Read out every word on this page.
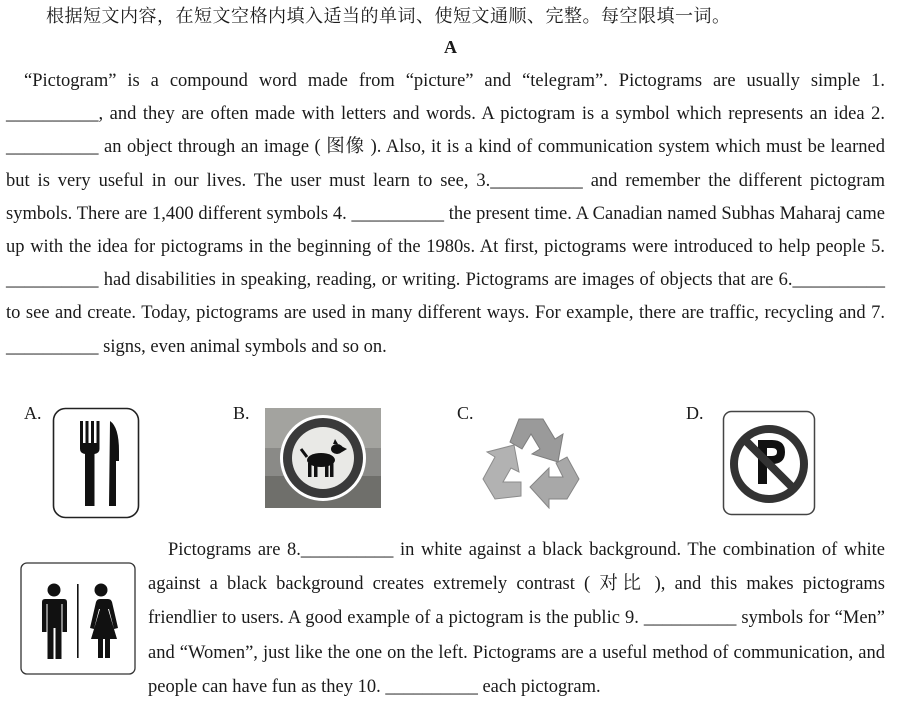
根据短文内容，在短文空格内填入适当的单词、使短文通顺、完整。每空限填一词。
A

“Pictogram” is a compound word made from “picture” and “telegram”. Pictograms are usually simple 1. __________, and they are often made with letters and words. A pictogram is a symbol which represents an idea 2. __________ an object through an image ( 图像 ). Also, it is a kind of communication system which must be learned but is very useful in our lives. The user must learn to see, 3.__________ and remember the different pictogram symbols. There are 1,400 different symbols 4. __________ the present time. A Canadian named Subhas Maharaj came up with the idea for pictograms in the beginning of the 1980s. At first, pictograms were introduced to help people 5. __________ had disabilities in speaking, reading, or writing. Pictograms are images of objects that are 6.__________ to see and create. Today, pictograms are used in many different ways. For example, there are traffic, recycling and 7. __________ signs, even animal symbols and so on.

A.	B.	C.	D.

Pictograms are 8.__________ in white against a black background. The combination of white against a black background creates extremely contrast ( 对比 ), and this makes pictograms friendlier to users. A good example of a pictogram is the public 9. __________ symbols for “Men” and “Women”, just like the one on the left. Pictograms are a useful method of communication, and people can have fun as they 10. __________ each pictogram.
